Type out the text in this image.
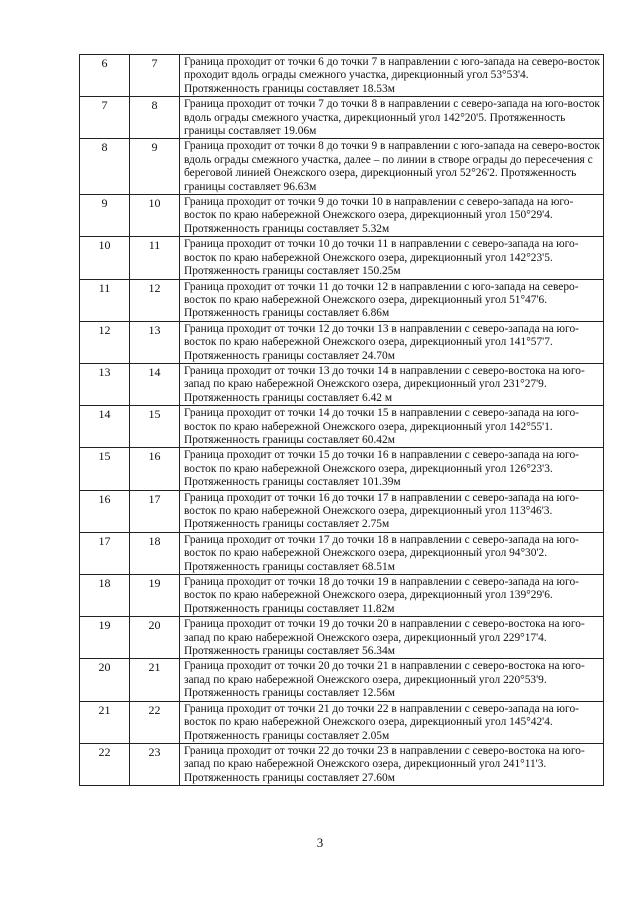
6	7	Граница проходит от точки 6 до точки 7 в направлении с юго-запада на северо-восток проходит вдоль ограды смежного участка, дирекционный угол 53°53'4. Протяженность границы составляет 18.53м
7	8	Граница проходит от точки 7 до точки 8 в направлении с северо-запада на юго-восток вдоль ограды смежного участка, дирекционный угол 142°20'5. Протяженность границы составляет 19.06м
8	9	Граница проходит от точки 8 до точки 9 в направлении с юго-запада на северо-восток вдоль ограды смежного участка, далее – по линии в створе ограды до пересечения с береговой линией Онежского озера, дирекционный угол 52°26'2. Протяженность границы составляет 96.63м
9	10	Граница проходит от точки 9 до точки 10 в направлении с северо-запада на юго-восток по краю набережной Онежского озера, дирекционный угол 150°29'4. Протяженность границы составляет 5.32м
10	11	Граница проходит от точки 10 до точки 11 в направлении с северо-запада на юго-восток по краю набережной Онежского озера, дирекционный угол 142°23'5. Протяженность границы составляет 150.25м
11	12	Граница проходит от точки 11 до точки 12 в направлении с юго-запада на северо-восток по краю набережной Онежского озера, дирекционный угол 51°47'6. Протяженность границы составляет 6.86м
12	13	Граница проходит от точки 12 до точки 13 в направлении с северо-запада на юго-восток по краю набережной Онежского озера, дирекционный угол 141°57'7. Протяженность границы составляет 24.70м
13	14	Граница проходит от точки 13 до точки 14 в направлении с северо-востока на юго-запад по краю набережной Онежского озера, дирекционный угол 231°27'9. Протяженность границы составляет 6.42 м
14	15	Граница проходит от точки 14 до точки 15 в направлении с северо-запада на юго-восток по краю набережной Онежского озера, дирекционный угол 142°55'1. Протяженность границы составляет 60.42м
15	16	Граница проходит от точки 15 до точки 16 в направлении с северо-запада на юго-восток по краю набережной Онежского озера, дирекционный угол 126°23'3. Протяженность границы составляет 101.39м
16	17	Граница проходит от точки 16 до точки 17 в направлении с северо-запада на юго-восток по краю набережной Онежского озера, дирекционный угол 113°46'3. Протяженность границы составляет 2.75м
17	18	Граница проходит от точки 17 до точки 18 в направлении с северо-запада на юго-восток по краю набережной Онежского озера, дирекционный угол 94°30'2. Протяженность границы составляет 68.51м
18	19	Граница проходит от точки 18 до точки 19 в направлении с северо-запада на юго-восток по краю набережной Онежского озера, дирекционный угол 139°29'6. Протяженность границы составляет 11.82м
19	20	Граница проходит от точки 19 до точки 20 в направлении с северо-востока на юго-запад по краю набережной Онежского озера, дирекционный угол 229°17'4. Протяженность границы составляет 56.34м
20	21	Граница проходит от точки 20 до точки 21 в направлении с северо-востока на юго-запад по краю набережной Онежского озера, дирекционный угол 220°53'9. Протяженность границы составляет 12.56м
21	22	Граница проходит от точки 21 до точки 22 в направлении с северо-запада на юго-восток по краю набережной Онежского озера, дирекционный угол 145°42'4. Протяженность границы составляет 2.05м
22	23	Граница проходит от точки 22 до точки 23 в направлении с северо-востока на юго-запад по краю набережной Онежского озера, дирекционный угол 241°11'3. Протяженность границы составляет 27.60м
3
